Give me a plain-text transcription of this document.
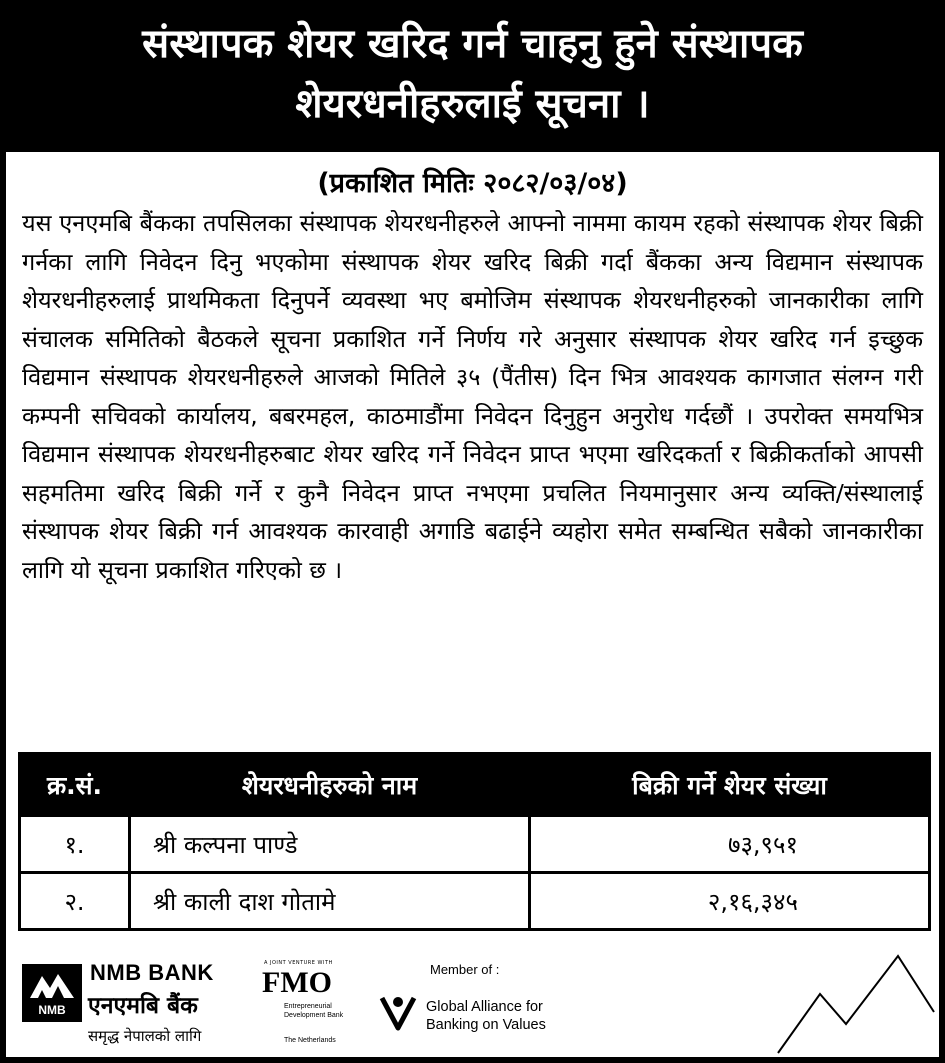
संस्थापक शेयर खरिद गर्न चाहनु हुने संस्थापक
शेयरधनीहरुलाई सूचना ।
(प्रकाशित मितिः २०८२/०३/०४)

यस एनएमबि बैंकका तपसिलका संस्थापक शेयरधनीहरुले आफ्नो नाममा कायम रहको संस्थापक शेयर बिक्री गर्नका लागि निवेदन दिनु भएकोमा संस्थापक शेयर खरिद बिक्री गर्दा बैंकका अन्य विद्यमान संस्थापक शेयरधनीहरुलाई प्राथमिकता दिनुपर्ने व्यवस्था भए बमोजिम संस्थापक शेयरधनीहरुको जानकारीका लागि संचालक समितिको बैठकले सूचना प्रकाशित गर्ने निर्णय गरे अनुसार संस्थापक शेयर खरिद गर्न इच्छुक विद्यमान संस्थापक शेयरधनीहरुले आजको मितिले ३५ (पैंतीस) दिन भित्र आवश्यक कागजात संलग्न गरी कम्पनी सचिवको कार्यालय, बबरमहल, काठमाडौंमा निवेदन दिनुहुन अनुरोध गर्दछौं । उपरोक्त समयभित्र विद्यमान संस्थापक शेयरधनीहरुबाट शेयर खरिद गर्ने निवेदन प्राप्त भएमा खरिदकर्ता र बिक्रीकर्ताको आपसी सहमतिमा खरिद बिक्री गर्ने र कुनै निवेदन प्राप्त नभएमा प्रचलित नियमानुसार अन्य व्यक्ति/संस्थालाई संस्थापक शेयर बिक्री गर्न आवश्यक कारवाही अगाडि बढाईने व्यहोरा समेत सम्बन्धित सबैको जानकारीका लागि यो सूचना प्रकाशित गरिएको छ ।

क्र.सं.	शेयरधनीहरुको नाम	बिक्री गर्ने शेयर संख्या
१.	श्री कल्पना पाण्डे	७३,९५१
२.	श्री काली दाश गोतामे	२,१६,३४५
NMB
NMB BANK
एनएमबि बैंक
समृद्ध नेपालको लागि
A JOINT VENTURE WITH
FMO
Entrepreneurial Development Bank
The Netherlands
Member of :
Global Alliance for
Banking on Values
